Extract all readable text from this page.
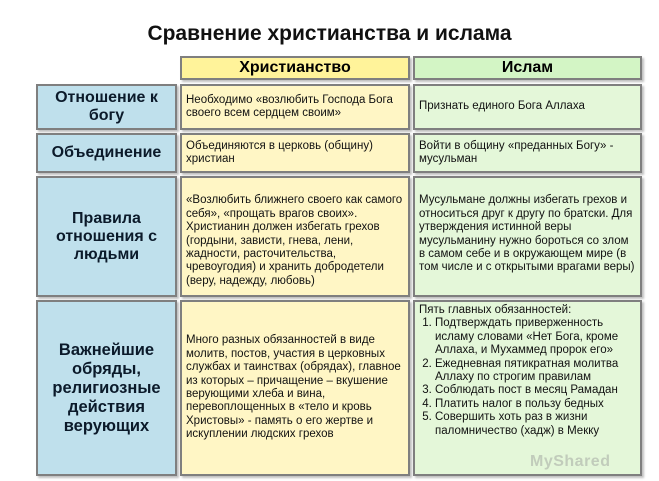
Сравнение христианства и ислама
Христианство	Ислам
Отношение к богу
Необходимо «возлюбить Господа Бога своего всем сердцем своим»
Признать единого Бога Аллаха
Объединение Объединяются в церковь (общину) христиан
Войти в общину «преданных Богу» - мусульман
Правила отношения с людьми

«Возлюбить ближнего своего как самого себя», «прощать врагов своих». Христианин должен избегать грехов (гордыни, зависти, гнева, лени, жадности, расточительства, чревоугодия) и хранить добродетели (веру, надежду, любовь)

Мусульмане должны избегать грехов и относиться друг к другу по братски. Для утверждения истинной веры мусульманину нужно бороться со злом в самом себе и в окружающем мире (в том числе и с открытыми врагами веры)

Важнейшие обряды, религиозные действия верующих
Много разных обязанностей в виде молитв, постов, участия в церковных службах и таинствах (обрядах), главное из которых – причащение – вкушение верующими хлеба и вина, перевоплощенных в «тело и кровь Христовы» - память о его жертве и искуплении людских грехов
Пять главных обязанностей:
1. Подтверждать приверженность исламу словами «Нет Бога, кроме Аллаха, и Мухаммед пророк его»
2. Ежедневная пятикратная молитва Аллаху по строгим правилам
3. Соблюдать пост в месяц Рамадан
4. Платить налог в пользу бедных
5. Совершить хоть раз в жизни паломничество (хадж) в Мекку
MyShared
